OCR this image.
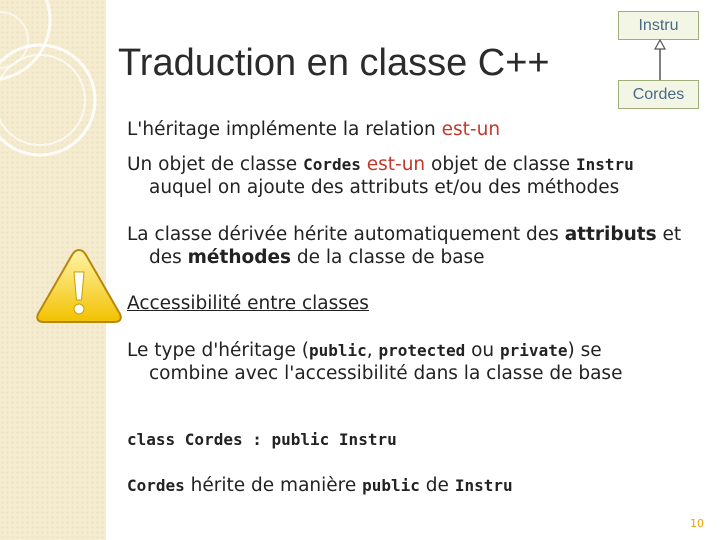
Traduction en classe C++
Instru
Cordes
L'héritage implémente la relation est-un
Un objet de classe Cordes est-un objet de classe Instru
auquel on ajoute des attributs et/ou des méthodes
La classe dérivée hérite automatiquement des attributs et
des méthodes de la classe de base
Accessibilité entre classes
Le type d'héritage (public, protected ou private) se
combine avec l'accessibilité dans la classe de base
class Cordes : public Instru
Cordes hérite de manière public de Instru
10
